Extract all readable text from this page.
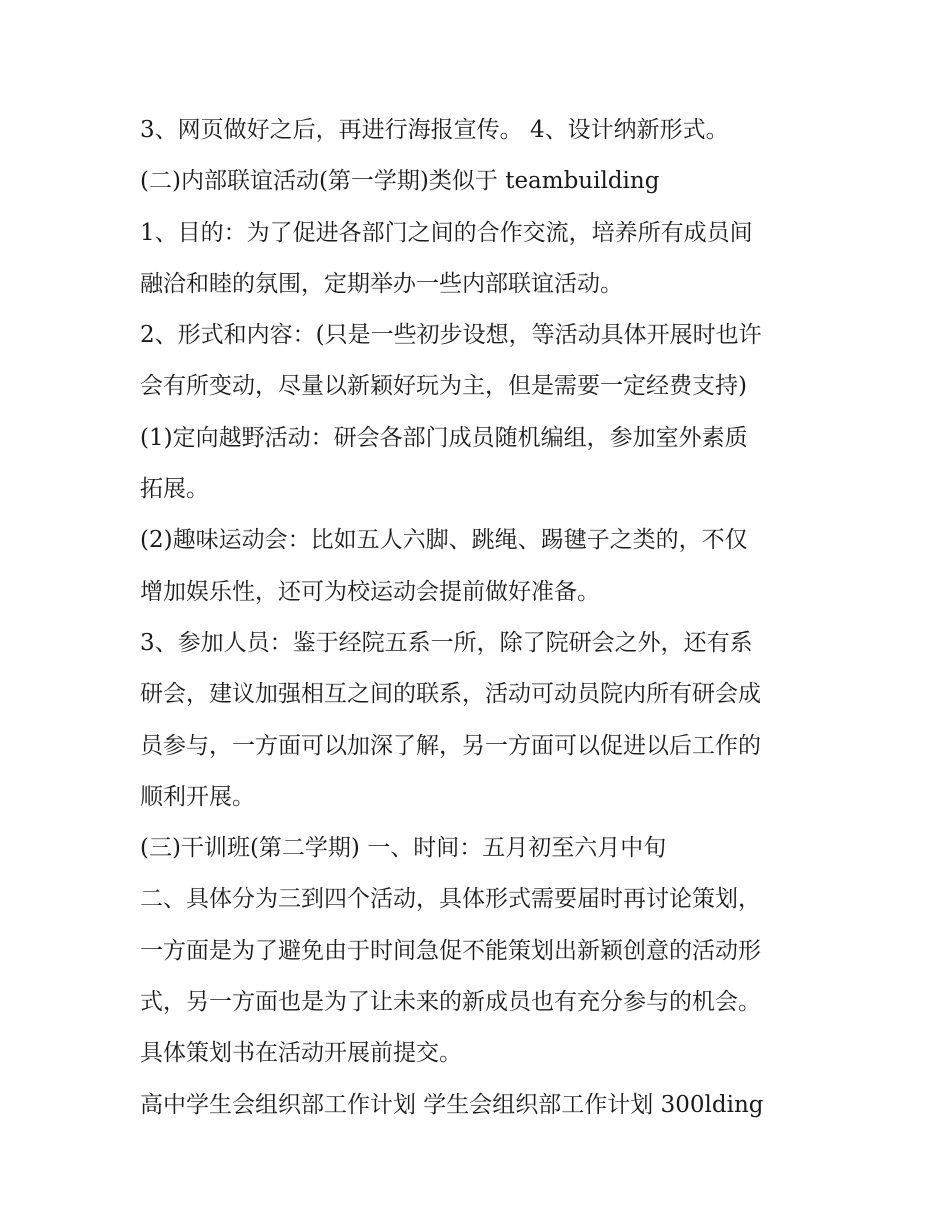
3、网页做好之后，再进行海报宣传。 4、设计纳新形式。
(二)内部联谊活动(第一学期)类似于 teambuilding
1、目的：为了促进各部门之间的合作交流，培养所有成员间
融洽和睦的氛围，定期举办一些内部联谊活动。
2、形式和内容：(只是一些初步设想，等活动具体开展时也许
会有所变动，尽量以新颖好玩为主，但是需要一定经费支持)
(1)定向越野活动：研会各部门成员随机编组，参加室外素质
拓展。
(2)趣味运动会：比如五人六脚、跳绳、踢毽子之类的，不仅
增加娱乐性，还可为校运动会提前做好准备。
3、参加人员：鉴于经院五系一所，除了院研会之外，还有系
研会，建议加强相互之间的联系，活动可动员院内所有研会成
员参与，一方面可以加深了解，另一方面可以促进以后工作的
顺利开展。
(三)干训班(第二学期) 一、时间：五月初至六月中旬
二、具体分为三到四个活动，具体形式需要届时再讨论策划，
一方面是为了避免由于时间急促不能策划出新颖创意的活动形
式，另一方面也是为了让未来的新成员也有充分参与的机会。
具体策划书在活动开展前提交。
高中学生会组织部工作计划 学生会组织部工作计划 300lding
